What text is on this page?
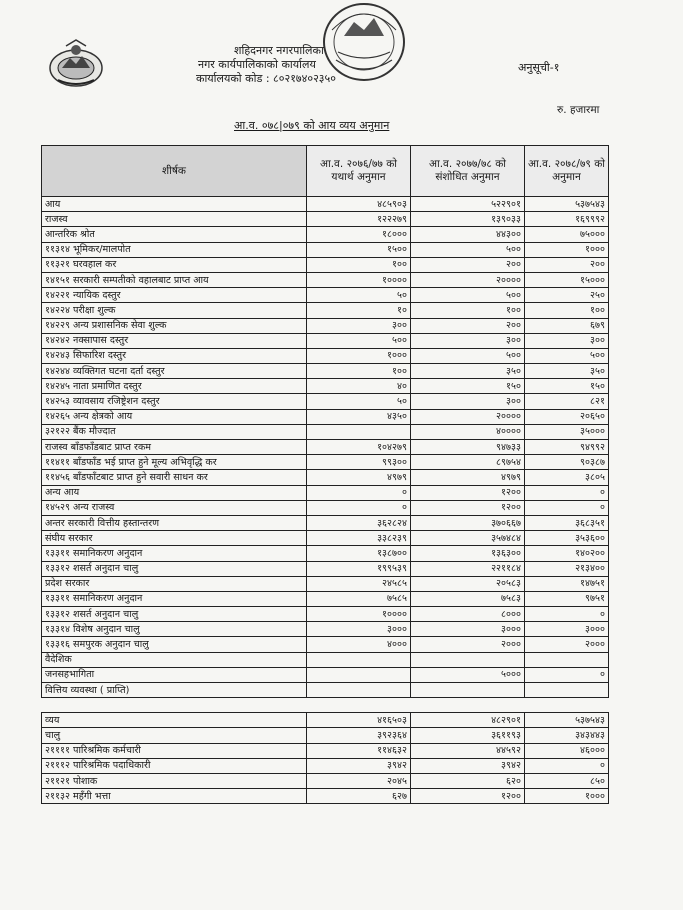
शहिदनगर नगरपालिका
नगर कार्यपालिकाको कार्यालय
कार्यालयको कोड : ८०२१७४०२३५०
अनुसूची-१
रु. हजारमा
आ.व. ०७८|०७९ को आय व्यय अनुमान
शीर्षक	आ.व. २०७६/७७ को यथार्थ अनुमान	आ.व. २०७७/७८ को संशोधित अनुमान	आ.व. २०७८/७९ को अनुमान
आय	४८५९०३	५२२९०१	५३७५४३
राजस्व	१२२२७९	१३९०३३	१६९९९२
आन्तरिक श्रोत	१८०००	४४३००	७५०००
११३१४ भूमिकर/मालपोत	१५००	५००	१०००
११३२१ घरवहाल कर	१००	२००	२००
१४१५१ सरकारी सम्पतीको वहालबाट प्राप्त आय	१००००	२००००	१५०००
१४२२१ न्यायिक दस्तुर	५०	५००	२५०
१४२२४ परीक्षा शुल्क	१०	१००	१००
१४२२९ अन्य प्रशासनिक सेवा शुल्क	३००	२००	६७९
१४२४२ नक्सापास दस्तुर	५००	३००	३००
१४२४३ सिफारिश दस्तुर	१०००	५००	५००
१४२४४ व्यक्तिगत घटना दर्ता दस्तुर	१००	३५०	३५०
१४२४५ नाता प्रमाणित दस्तुर	४०	१५०	१५०
१४२५३ व्यावसाय रजिष्ट्रेशन दस्तुर	५०	३००	८२१
१४२६५ अन्य क्षेत्रको आय	४३५०	२००००	२०६५०
३२१२२ बैंक मौज्दात		४००००	३५०००
राजस्व बाँडफाँडबाट प्राप्त रकम	१०४२७९	९४७३३	९४९९२
११४११ बाँडफाँड भई प्राप्त हुने मूल्य अभिवृद्धि कर	९९३००	८९७५४	९०३८७
११४५६ बाँडफाँटबाट प्राप्त हुने सवारी साधन कर	४९७९	४९७९	३८०५
अन्य आय	०	१२००	०
१४५२९ अन्य राजस्व	०	१२००	०
अन्तर सरकारी वित्तीय हस्तान्तरण	३६२८२४	३७०६६७	३६८३५१
संघीय सरकार	३३८२३९	३५७४८४	३५३६००
१३३११ समानिकरण अनुदान	१३८७००	१३६३००	१४०२००
१३३१२ शसर्त अनुदान चालु	१९९५३९	२२११८४	२१३४००
प्रदेश सरकार	२४५८५	२०५८३	१४७५१
१३३११ समानिकरण अनुदान	७५८५	७५८३	९७५१
१३३१२ शसर्त अनुदान चालु	१००००	८०००	०
१३३१४ विशेष अनुदान चालु	३०००	३०००	३०००
१३३१६ समपुरक अनुदान चालु	४०००	२०००	२०००
वैदेशिक			
जनसहभागिता		५०००	०
वित्तिय व्यवस्था ( प्राप्ति)			

व्यय	४१६५०३	४८२९०१	५३७५४३
चालु	३९२३६४	३६११९३	३४३४४३
२११११ पारिश्रमिक कर्मचारी	११४६३२	४४५९२	४६०००
२१११२ पारिश्रमिक पदाधिकारी	३९४२	३९४२	०
२११२१ पोशाक	२०४५	६२०	८५०
२११३२ महँगी भत्ता	६२७	१२००	१०००
